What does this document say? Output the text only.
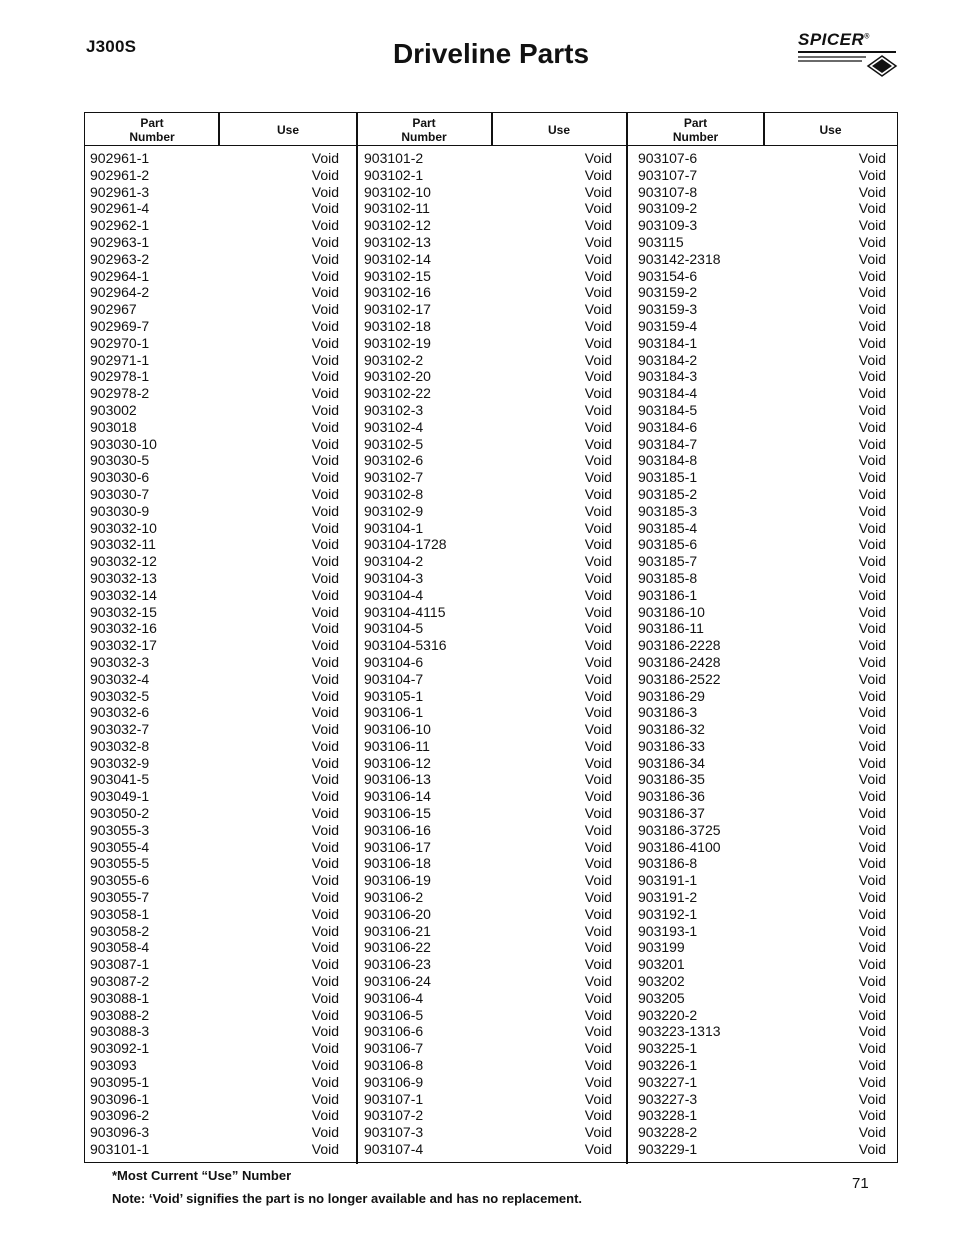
J300S	Driveline Parts	SPICER®
Part
Number	Use	Part
Number	Use	Part
Number	Use
902961-1	Void
902961-2	Void
902961-3	Void
902961-4	Void
902962-1	Void
902963-1	Void
902963-2	Void
902964-1	Void
902964-2	Void
902967	Void
902969-7	Void
902970-1	Void
902971-1	Void
902978-1	Void
902978-2	Void
903002	Void
903018	Void
903030-10	Void
903030-5	Void
903030-6	Void
903030-7	Void
903030-9	Void
903032-10	Void
903032-11	Void
903032-12	Void
903032-13	Void
903032-14	Void
903032-15	Void
903032-16	Void
903032-17	Void
903032-3	Void
903032-4	Void
903032-5	Void
903032-6	Void
903032-7	Void
903032-8	Void
903032-9	Void
903041-5	Void
903049-1	Void
903050-2	Void
903055-3	Void
903055-4	Void
903055-5	Void
903055-6	Void
903055-7	Void
903058-1	Void
903058-2	Void
903058-4	Void
903087-1	Void
903087-2	Void
903088-1	Void
903088-2	Void
903088-3	Void
903092-1	Void
903093	Void
903095-1	Void
903096-1	Void
903096-2	Void
903096-3	Void
903101-1	Void
903101-2	Void
903102-1	Void
903102-10	Void
903102-11	Void
903102-12	Void
903102-13	Void
903102-14	Void
903102-15	Void
903102-16	Void
903102-17	Void
903102-18	Void
903102-19	Void
903102-2	Void
903102-20	Void
903102-22	Void
903102-3	Void
903102-4	Void
903102-5	Void
903102-6	Void
903102-7	Void
903102-8	Void
903102-9	Void
903104-1	Void
903104-1728	Void
903104-2	Void
903104-3	Void
903104-4	Void
903104-4115	Void
903104-5	Void
903104-5316	Void
903104-6	Void
903104-7	Void
903105-1	Void
903106-1	Void
903106-10	Void
903106-11	Void
903106-12	Void
903106-13	Void
903106-14	Void
903106-15	Void
903106-16	Void
903106-17	Void
903106-18	Void
903106-19	Void
903106-2	Void
903106-20	Void
903106-21	Void
903106-22	Void
903106-23	Void
903106-24	Void
903106-4	Void
903106-5	Void
903106-6	Void
903106-7	Void
903106-8	Void
903106-9	Void
903107-1	Void
903107-2	Void
903107-3	Void
903107-4	Void
903107-6	Void
903107-7	Void
903107-8	Void
903109-2	Void
903109-3	Void
903115	Void
903142-2318	Void
903154-6	Void
903159-2	Void
903159-3	Void
903159-4	Void
903184-1	Void
903184-2	Void
903184-3	Void
903184-4	Void
903184-5	Void
903184-6	Void
903184-7	Void
903184-8	Void
903185-1	Void
903185-2	Void
903185-3	Void
903185-4	Void
903185-6	Void
903185-7	Void
903185-8	Void
903186-1	Void
903186-10	Void
903186-11	Void
903186-2228	Void
903186-2428	Void
903186-2522	Void
903186-29	Void
903186-3	Void
903186-32	Void
903186-33	Void
903186-34	Void
903186-35	Void
903186-36	Void
903186-37	Void
903186-3725	Void
903186-4100	Void
903186-8	Void
903191-1	Void
903191-2	Void
903192-1	Void
903193-1	Void
903199	Void
903201	Void
903202	Void
903205	Void
903220-2	Void
903223-1313	Void
903225-1	Void
903226-1	Void
903227-1	Void
903227-3	Void
903228-1	Void
903228-2	Void
903229-1	Void
*Most Current “Use” Number
Note: ‘Void’ signifies the part is no longer available and has no replacement.
71
